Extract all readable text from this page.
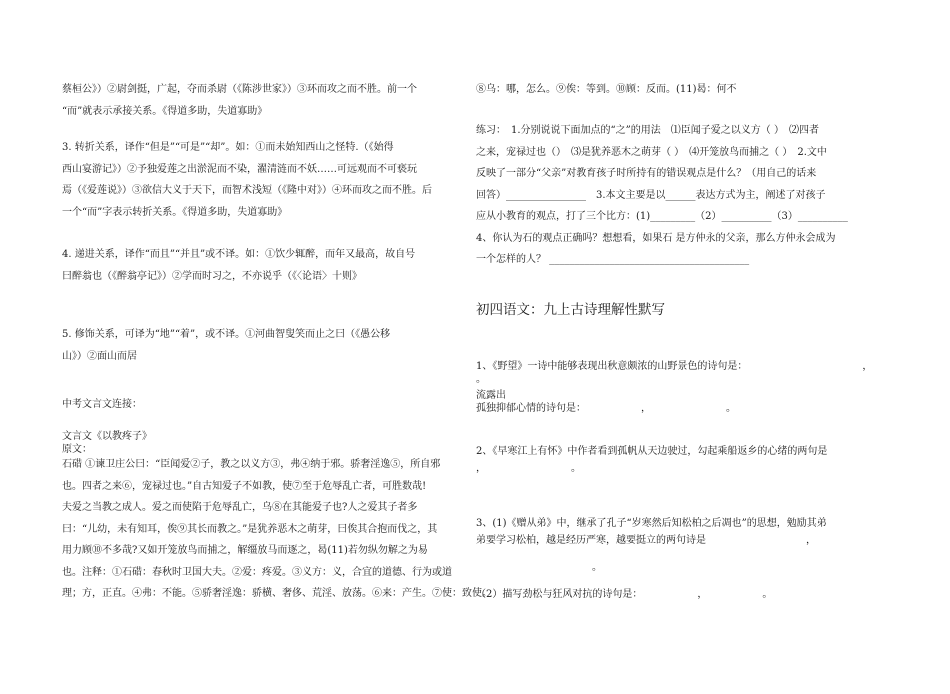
蔡桓公》）②尉剑挺，广起，夺而杀尉（《陈涉世家》）③环而攻之而不胜。前一个
“而”就表示承接关系。《得道多助，失道寡助》
3. 转折关系，译作“但是”“可是”“却”。如：①而未始知西山之怪特.（《始得
西山宴游记》）②予独爱莲之出淤泥而不染，濯清涟而不妖……可远观而不可亵玩
焉（《爱莲说》）③欲信大义于天下，而智术浅短（《隆中对》）④环而攻之而不胜。后
一个“而”字表示转折关系。《得道多助，失道寡助》
4. 递进关系，译作“而且”“并且”或不译。如：①饮少辄醉，而年又最高，故自号
曰醉翁也（《醉翁亭记》）②学而时习之，不亦说乎（《〈论语〉十则》
5. 修饰关系，可译为“地”“着”，或不译。①河曲智叟笑而止之曰（《愚公移
山》）②面山而居
中考文言文连接：
文言文《以教疼子》
原文：
石碏 ①谏卫庄公曰：“臣闻爱②子，教之以义方③，弗④纳于邪。骄奢淫逸⑤，所自邪
也。四者之来⑥，宠禄过也。”自古知爱子不如教，使⑦至于危辱乱亡者，可胜数哉!
夫爱之当教之成人。爱之而使陷于危辱乱亡，乌⑧在其能爱子也?人之爱其子者多
曰：“儿幼，未有知耳，俟⑨其长而教之。”是犹养恶木之萌芽，曰俟其合抱而伐之，其
用力顾⑩不多哉?又如开笼放鸟而捕之，解缰放马而逐之，曷(11)若勿纵勿解之为易
也。注释：①石碏：春秋时卫国大夫。②爱：疼爱。③义方：义，合宜的道德、行为或道
理；方，正直。④弗：不能。⑤骄奢淫逸：骄横、奢侈、荒淫、放荡。⑥来：产生。⑦使：致使。
⑧乌：哪，怎么。⑨俟：等到。⑩顾：反而。(11)曷：何不
练习：　1.分别说说下面加点的“之”的用法　⑴臣闻子爱之以义方（ ）　⑵四者
之来，宠禄过也（）　⑶是犹养恶木之萌芽（ ）　⑷开笼放鸟而捕之（ ）　2.文中
反映了一部分“父亲”对教育孩子时所持有的错误观点是什么？（用自己的话来
回答）________________　3.本文主要是以______表达方式为主，阐述了对孩子
应从小教育的观点，打了三个比方：(1)_________（2）__________（3）__________
4、你认为石的观点正确吗？想想看，如果石 是方仲永的父亲，那么方仲永会成为
一个怎样的人？ ________________________________________
初四语文：九上古诗理解性默写
1、《野望》一诗中能够表现出秋意颇浓的山野景色的诗句是：　　　　　　　　　　　　，
。
流露出
孤独抑郁心情的诗句是：　　　　　　，　　　　　　　　。
2、《早寒江上有怀》中作者看到孤帆从天边驶过，勾起乘船返乡的心绪的两句是
，　　　　　　　　　。
3、(1)《赠从弟》中，继承了孔子“岁寒然后知松柏之后凋也”的思想，勉励其弟
弟要学习松柏，越是经历严寒，越要挺立的两句诗是　　　　　　　　　　，
。
（2）描写劲松与狂风对抗的诗句是：　　　　　　，　　　　　　。
